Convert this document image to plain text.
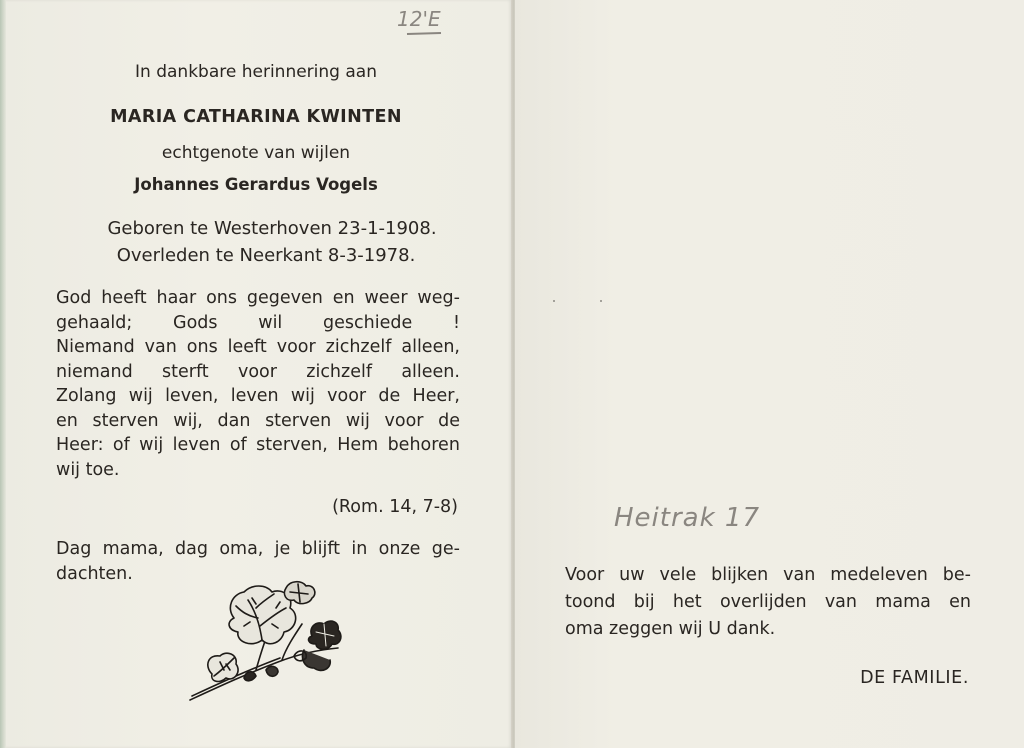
12'E
In dankbare herinnering aan
MARIA CATHARINA KWINTEN
echtgenote van wijlen
Johannes Gerardus Vogels
Geboren te Westerhoven 23-1-1908.
Overleden te Neerkant 8-3-1978.
God heeft haar ons gegeven en weer weg-
gehaald; Gods wil geschiede !
Niemand van ons leeft voor zichzelf alleen,
niemand sterft voor zichzelf alleen.
Zolang wij leven, leven wij voor de Heer,
en sterven wij, dan sterven wij voor de
Heer: of wij leven of sterven, Hem behoren
wij toe.
(Rom. 14, 7-8)
Dag mama, dag oma, je blijft in onze ge-
dachten.
Heitrak 17
Voor uw vele blijken van medeleven be-
toond bij het overlijden van mama en
oma zeggen wij U dank.
DE FAMILIE.
